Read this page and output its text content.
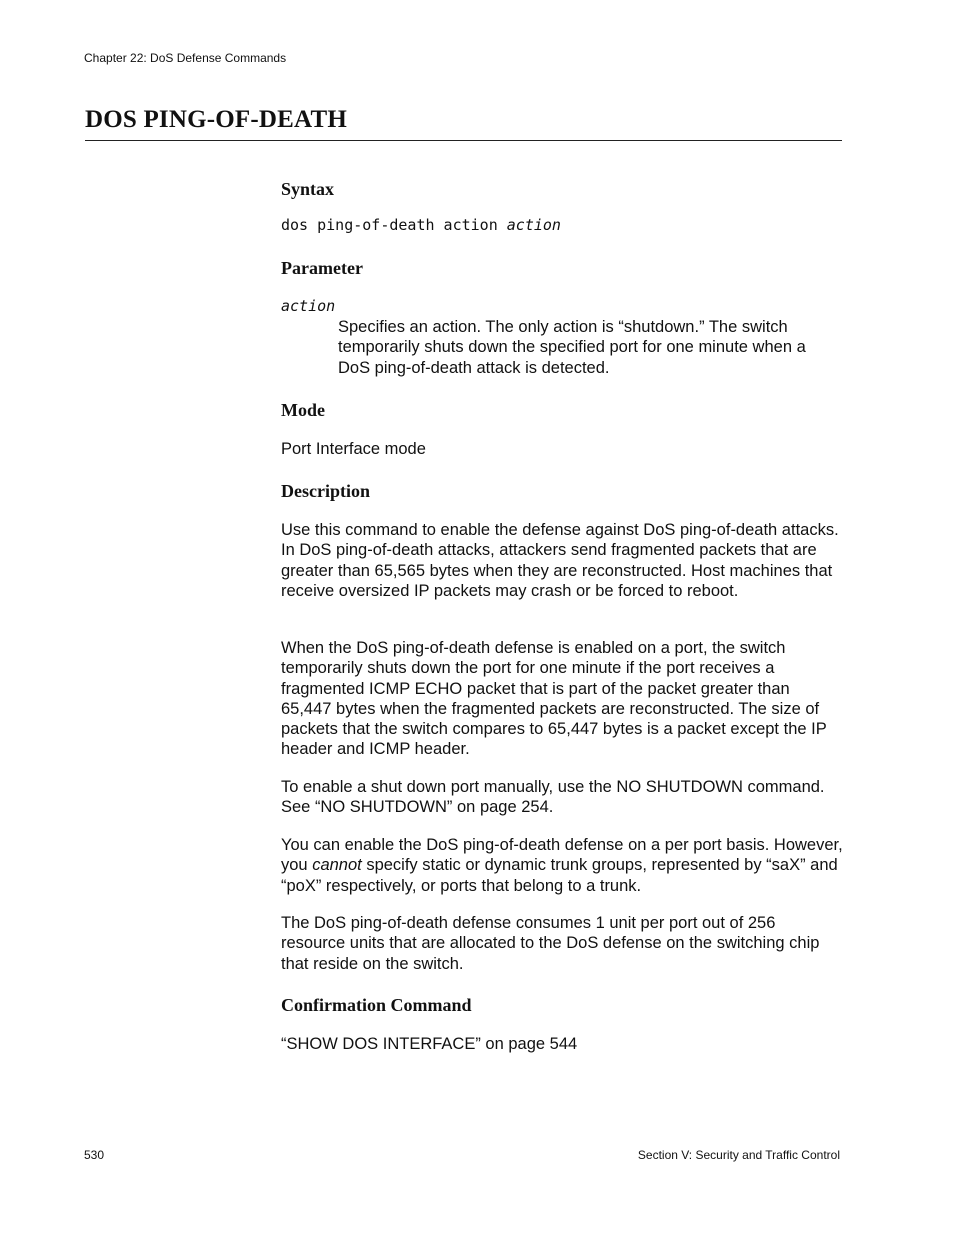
Chapter 22: DoS Defense Commands
DOS PING-OF-DEATH
Syntax
dos ping-of-death action action
Parameter
action

Specifies an action. The only action is “shutdown.” The switch temporarily shuts down the specified port for one minute when a DoS ping-of-death attack is detected.

Mode

Port Interface mode

Description

Use this command to enable the defense against DoS ping-of-death attacks. In DoS ping-of-death attacks, attackers send fragmented packets that are greater than 65,565 bytes when they are reconstructed. Host machines that receive oversized IP packets may crash or be forced to reboot.

When the DoS ping-of-death defense is enabled on a port, the switch temporarily shuts down the port for one minute if the port receives a fragmented ICMP ECHO packet that is part of the packet greater than 65,447 bytes when the fragmented packets are reconstructed. The size of packets that the switch compares to 65,447 bytes is a packet except the IP header and ICMP header.

To enable a shut down port manually, use the NO SHUTDOWN command. See “NO SHUTDOWN” on page 254.

You can enable the DoS ping-of-death defense on a per port basis. However, you cannot specify static or dynamic trunk groups, represented by “saX” and “poX” respectively, or ports that belong to a trunk.

The DoS ping-of-death defense consumes 1 unit per port out of 256 resource units that are allocated to the DoS defense on the switching chip that reside on the switch.

Confirmation Command

“SHOW DOS INTERFACE” on page 544

530	Section V: Security and Traffic Control
